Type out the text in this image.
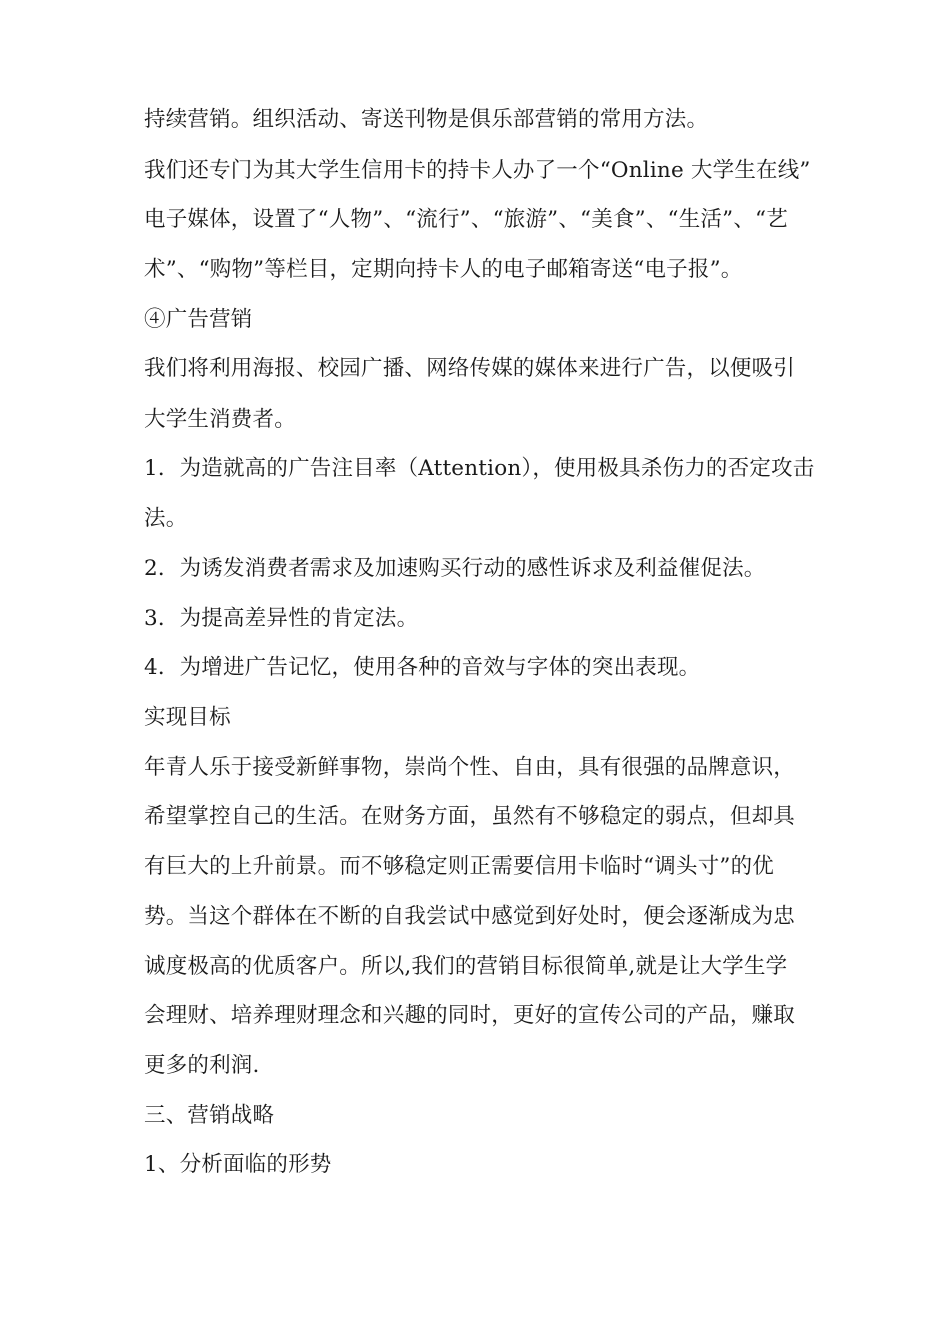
持续营销。组织活动、寄送刊物是俱乐部营销的常用方法。
我们还专门为其大学生信用卡的持卡人办了一个“Online 大学生在线”
电子媒体，设置了“人物”、“流行”、“旅游”、“美食”、“生活”、“艺
术”、“购物”等栏目，定期向持卡人的电子邮箱寄送“电子报”。
④广告营销
我们将利用海报、校园广播、网络传媒的媒体来进行广告，以便吸引
大学生消费者。
1．为造就高的广告注目率（Attention），使用极具杀伤力的否定攻击
法。
2．为诱发消费者需求及加速购买行动的感性诉求及利益催促法。
3．为提高差异性的肯定法。
4．为增进广告记忆，使用各种的音效与字体的突出表现。
实现目标
年青人乐于接受新鲜事物，崇尚个性、自由，具有很强的品牌意识，
希望掌控自己的生活。在财务方面，虽然有不够稳定的弱点，但却具
有巨大的上升前景。而不够稳定则正需要信用卡临时“调头寸”的优
势。当这个群体在不断的自我尝试中感觉到好处时，便会逐渐成为忠
诚度极高的优质客户。所以,我们的营销目标很简单,就是让大学生学
会理财、培养理财理念和兴趣的同时，更好的宣传公司的产品，赚取
更多的利润.
三、营销战略
1、分析面临的形势
